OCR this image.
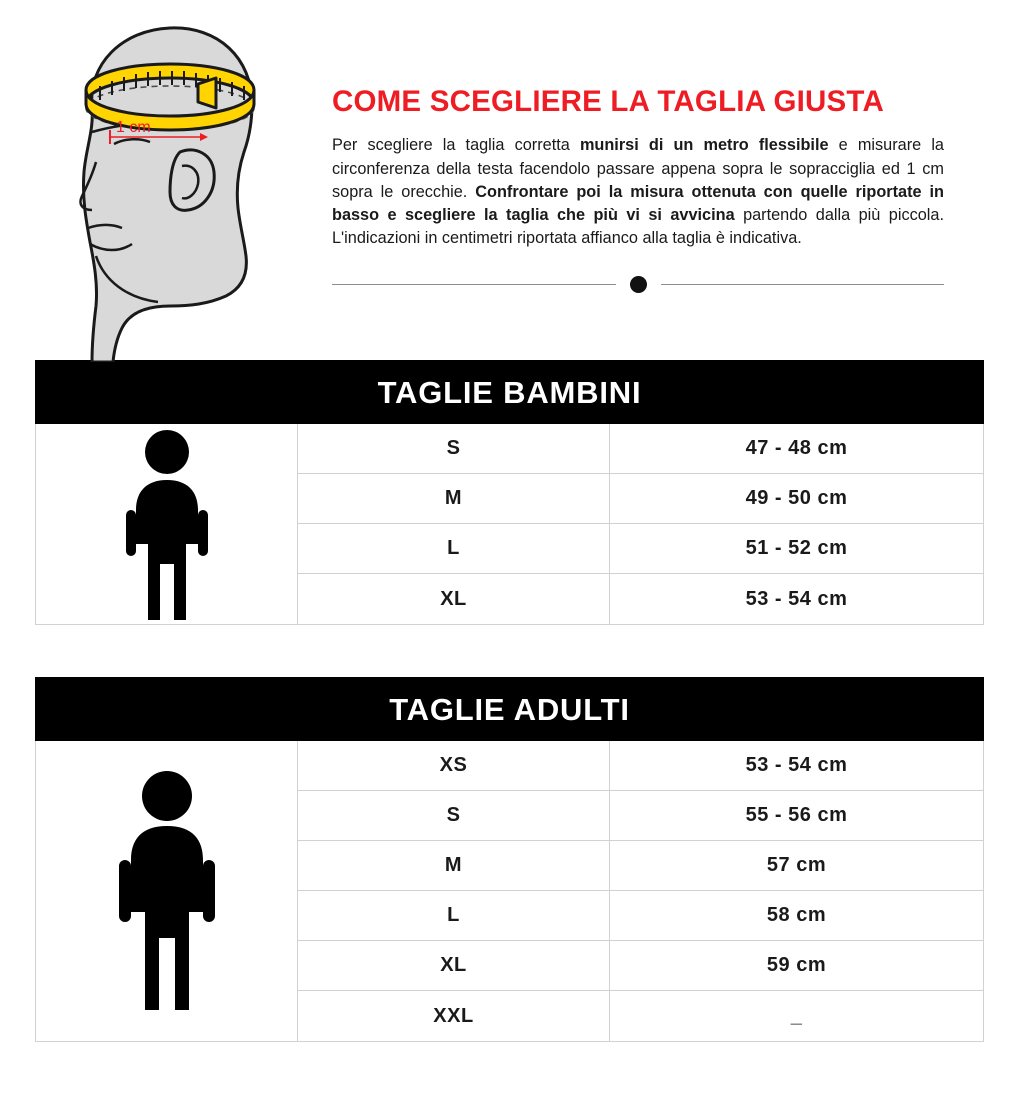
1 cm
COME SCEGLIERE LA TAGLIA GIUSTA

Per scegliere la taglia corretta munirsi di un metro flessibile e misurare la circonferenza della testa facendolo passare appena sopra le sopracciglia ed 1 cm sopra le orecchie. Confrontare poi la misura ottenuta con quelle riportate in basso e scegliere la taglia che più vi si avvicina partendo dalla più piccola. L'indicazioni in centimetri riportata affiancо alla taglia è indicativa.

TAGLIE BAMBINI
S	47 - 48 cm
M	49 - 50 cm
L	51 - 52 cm
XL	53 - 54 cm
TAGLIE ADULTI
XS	53 - 54 cm
S	55 - 56 cm
M	57 cm
L	58 cm
XL	59 cm
XXL	_
